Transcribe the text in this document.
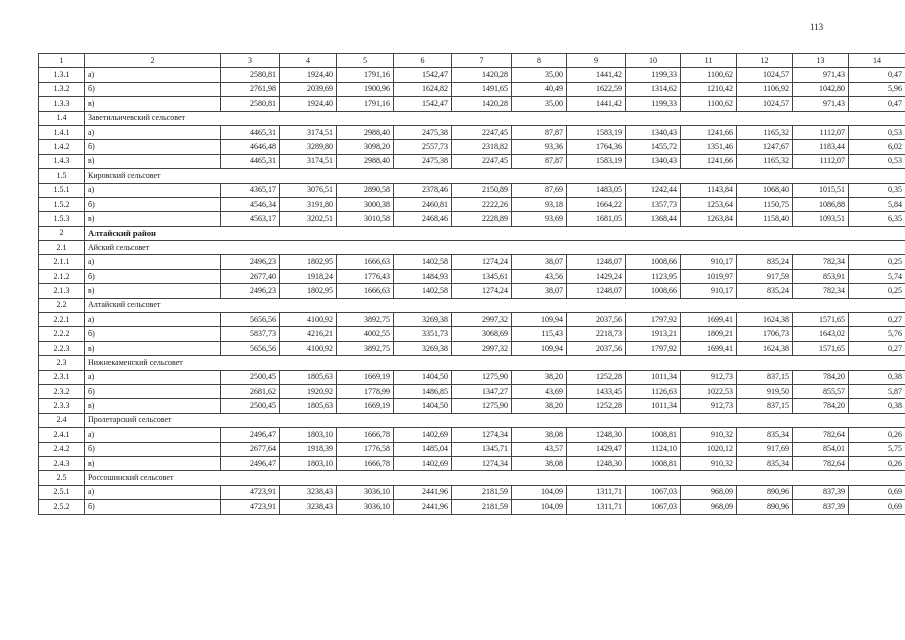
113
1	2	3	4	5	6	7	8	9	10	11	12	13	14
1.3.1	а)	2580,81	1924,40	1791,16	1542,47	1420,28	35,00	1441,42	1199,33	1100,62	1024,57	971,43	0,47
1.3.2	б)	2761,98	2039,69	1900,96	1624,82	1491,65	40,49	1622,59	1314,62	1210,42	1106,92	1042,80	5,96
1.3.3	в)	2580,81	1924,40	1791,16	1542,47	1420,28	35,00	1441,42	1199,33	1100,62	1024,57	971,43	0,47
1.4	Заветильичевский сельсовет												
1.4.1	а)	4465,31	3174,51	2988,40	2475,38	2247,45	87,87	1583,19	1340,43	1241,66	1165,32	1112,07	0,53
1.4.2	б)	4646,48	3289,80	3098,20	2557,73	2318,82	93,36	1764,36	1455,72	1351,46	1247,67	1183,44	6,02
1.4.3	в)	4465,31	3174,51	2988,40	2475,38	2247,45	87,87	1583,19	1340,43	1241,66	1165,32	1112,07	0,53
1.5	Кировский сельсовет												
1.5.1	а)	4365,17	3076,51	2890,58	2378,46	2150,89	87,69	1483,05	1242,44	1143,84	1068,40	1015,51	0,35
1.5.2	б)	4546,34	3191,80	3000,38	2460,81	2222,26	93,18	1664,22	1357,73	1253,64	1150,75	1086,88	5,84
1.5.3	в)	4563,17	3202,51	3010,58	2468,46	2228,89	93,69	1681,05	1368,44	1263,84	1158,40	1093,51	6,35
2	Алтайский район												
2.1	Айский сельсовет												
2.1.1	а)	2496,23	1802,95	1666,63	1402,58	1274,24	38,07	1248,07	1008,66	910,17	835,24	782,34	0,25
2.1.2	б)	2677,40	1918,24	1776,43	1484,93	1345,61	43,56	1429,24	1123,95	1019,97	917,59	853,91	5,74
2.1.3	в)	2496,23	1802,95	1666,63	1402,58	1274,24	38,07	1248,07	1008,66	910,17	835,24	782,34	0,25
2.2	Алтайский сельсовет												
2.2.1	а)	5656,56	4100,92	3892,75	3269,38	2997,32	109,94	2037,56	1797,92	1699,41	1624,38	1571,65	0,27
2.2.2	б)	5837,73	4216,21	4002,55	3351,73	3068,69	115,43	2218,73	1913,21	1809,21	1706,73	1643,02	5,76
2.2.3	в)	5656,56	4100,92	3892,75	3269,38	2997,32	109,94	2037,56	1797,92	1699,41	1624,38	1571,65	0,27
2.3	Нижнекаменский сельсовет												
2.3.1	а)	2500,45	1805,63	1669,19	1404,50	1275,90	38,20	1252,28	1011,34	912,73	837,15	784,20	0,38
2.3.2	б)	2681,62	1920,92	1778,99	1486,85	1347,27	43,69	1433,45	1126,63	1022,53	919,50	855,57	5,87
2.3.3	в)	2500,45	1805,63	1669,19	1404,50	1275,90	38,20	1252,28	1011,34	912,73	837,15	784,20	0,38
2.4	Пролетарский сельсовет												
2.4.1	а)	2496,47	1803,10	1666,78	1402,69	1274,34	38,08	1248,30	1008,81	910,32	835,34	782,64	0,26
2.4.2	б)	2677,64	1918,39	1776,58	1485,04	1345,71	43,57	1429,47	1124,10	1020,12	917,69	854,01	5,75
2.4.3	в)	2496,47	1803,10	1666,78	1402,69	1274,34	38,08	1248,30	1008,81	910,32	835,34	782,64	0,26
2.5	Россошинский сельсовет												
2.5.1	а)	4723,91	3238,43	3036,10	2441,96	2181,59	104,09	1311,71	1067,03	968,09	890,96	837,39	0,69
2.5.2	б)	4723,91	3238,43	3036,10	2441,96	2181,59	104,09	1311,71	1067,03	968,09	890,96	837,39	0,69
